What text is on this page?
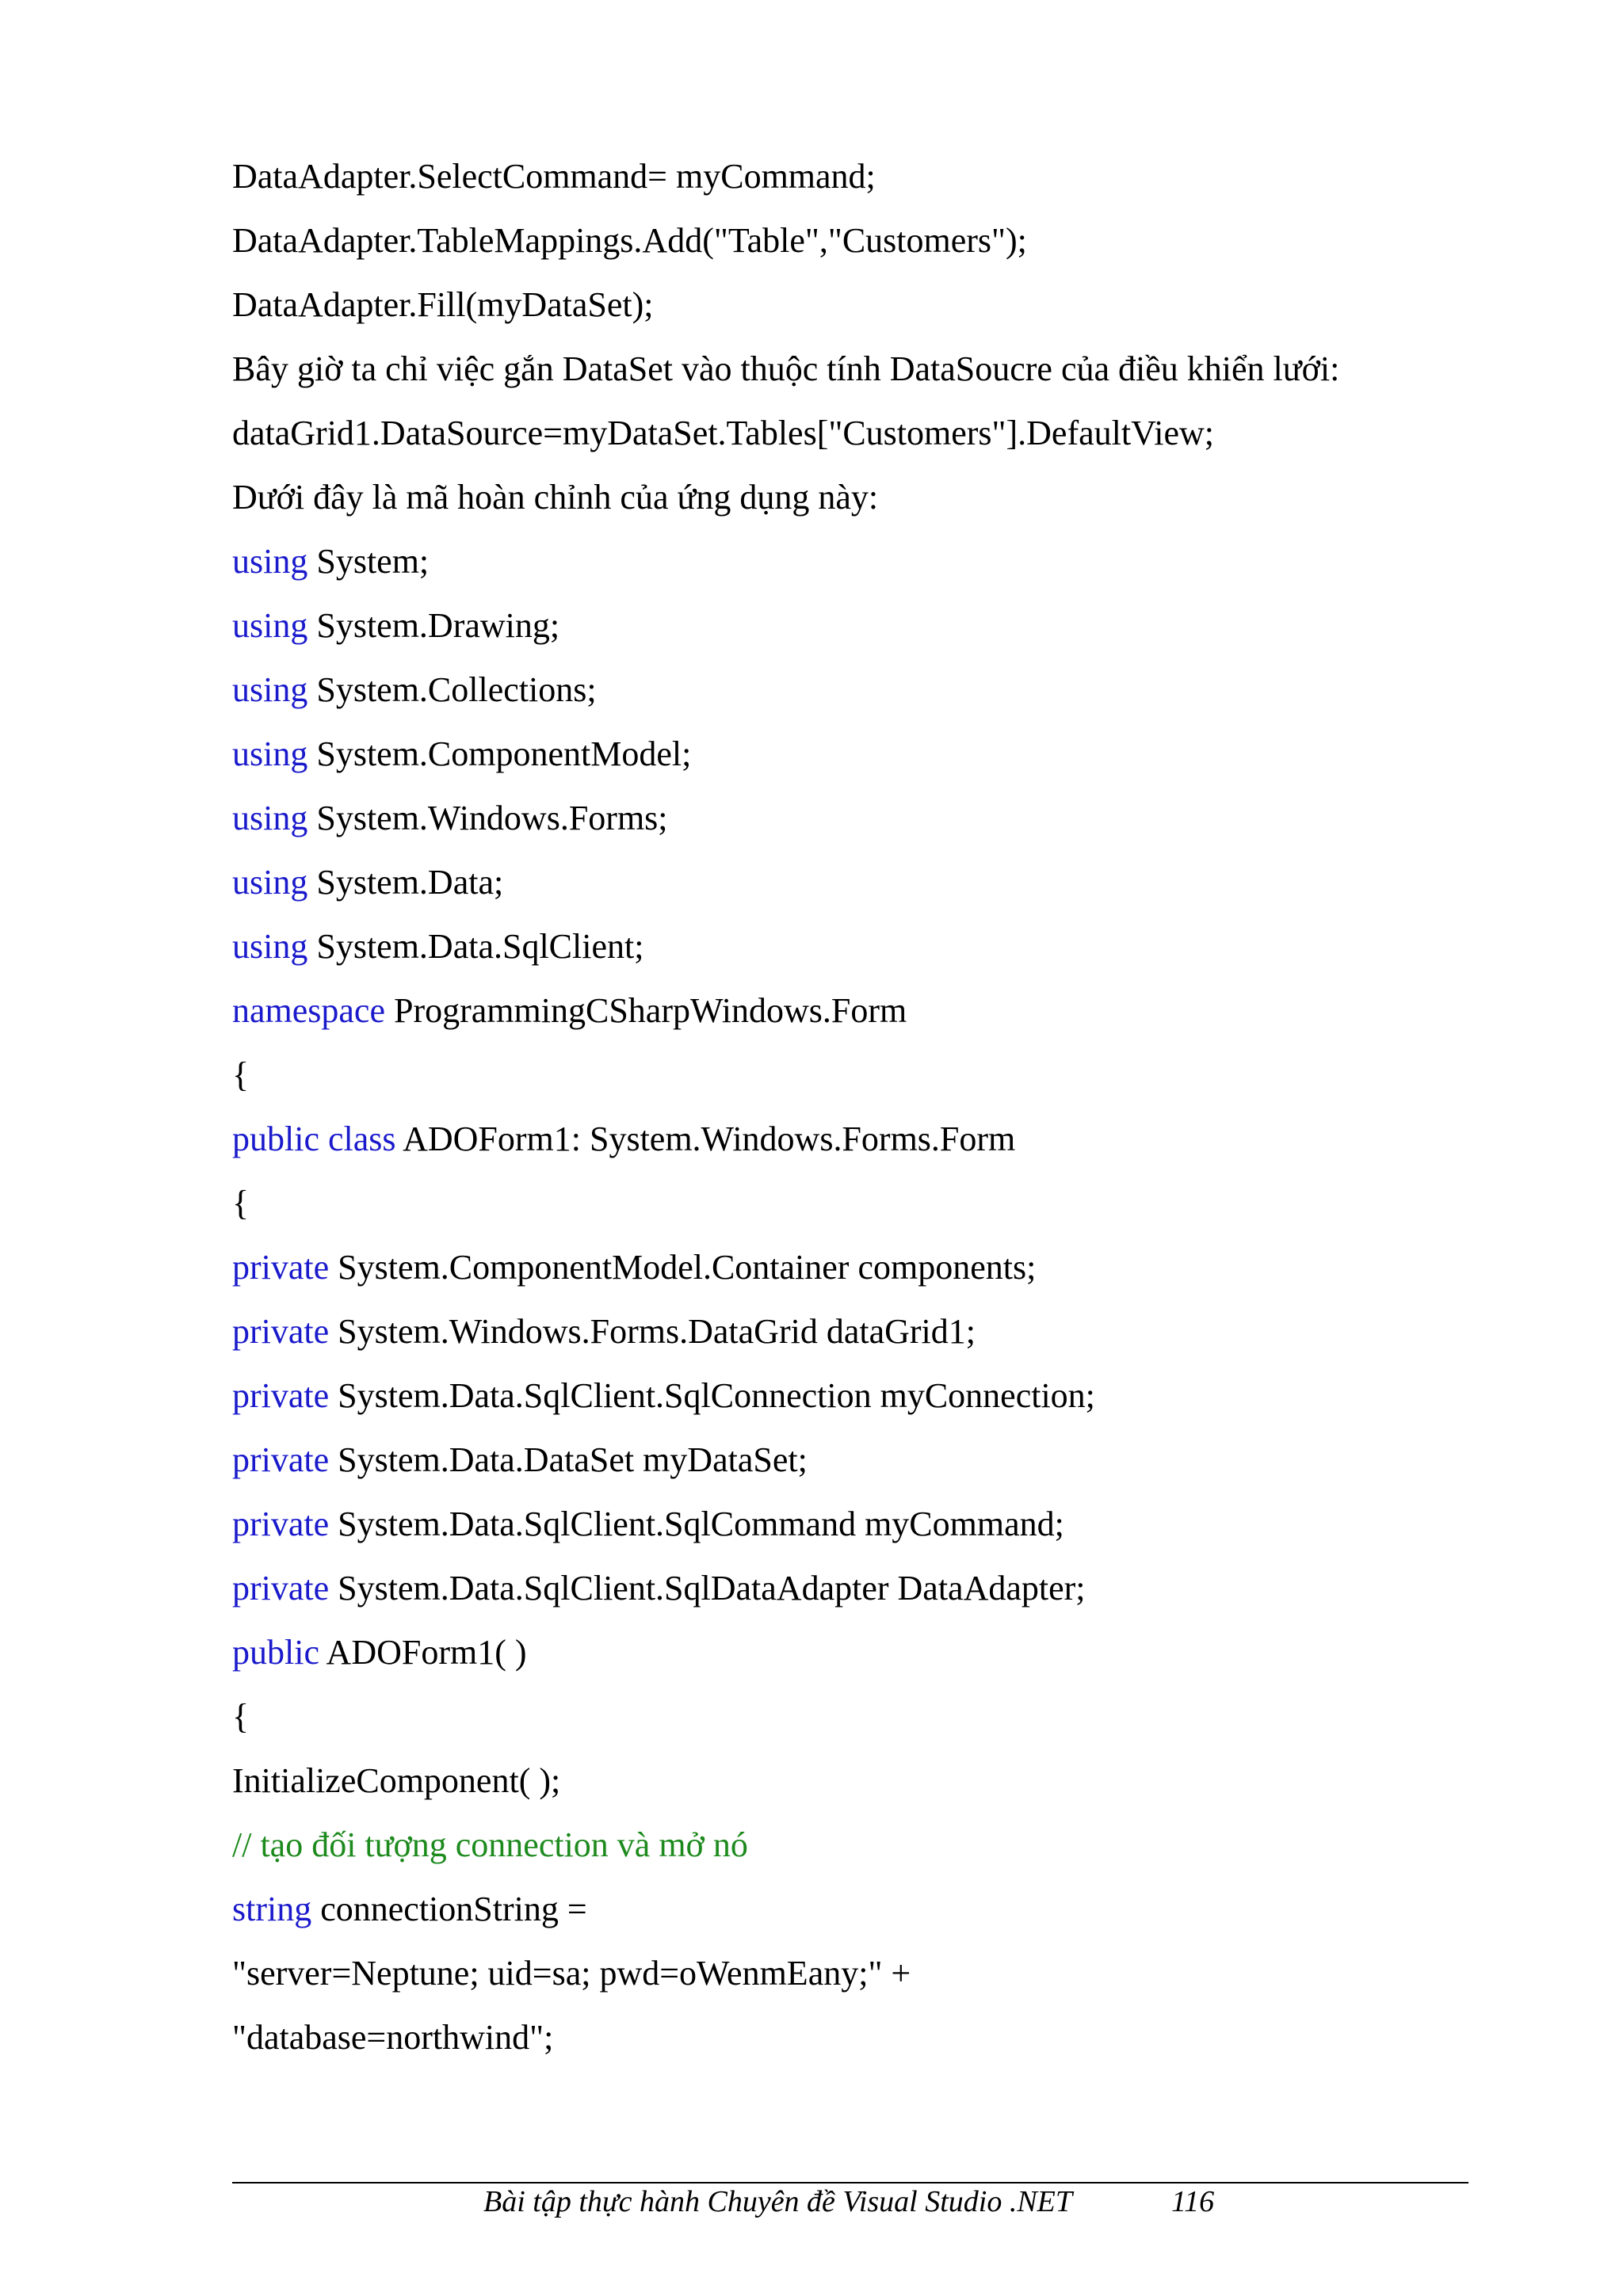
DataAdapter.SelectCommand= myCommand;
DataAdapter.TableMappings.Add("Table","Customers");
DataAdapter.Fill(myDataSet);
Bây giờ ta chỉ việc gắn DataSet vào thuộc tính DataSoucre của điều khiển lưới:
dataGrid1.DataSource=myDataSet.Tables["Customers"].DefaultView;
Dưới đây là mã hoàn chỉnh của ứng dụng này:
using System;
using System.Drawing;
using System.Collections;
using System.ComponentModel;
using System.Windows.Forms;
using System.Data;
using System.Data.SqlClient;
namespace ProgrammingCSharpWindows.Form
{
public class ADOForm1: System.Windows.Forms.Form
{
private System.ComponentModel.Container components;
private System.Windows.Forms.DataGrid dataGrid1;
private System.Data.SqlClient.SqlConnection myConnection;
private System.Data.DataSet myDataSet;
private System.Data.SqlClient.SqlCommand myCommand;
private System.Data.SqlClient.SqlDataAdapter DataAdapter;
public ADOForm1( )
{
InitializeComponent( );
// tạo đối tượng connection và mở nó
string connectionString =
"server=Neptune; uid=sa; pwd=oWenmEany;" +
"database=northwind";
Bài tập thực hành Chuyên đề Visual Studio .NET	116
